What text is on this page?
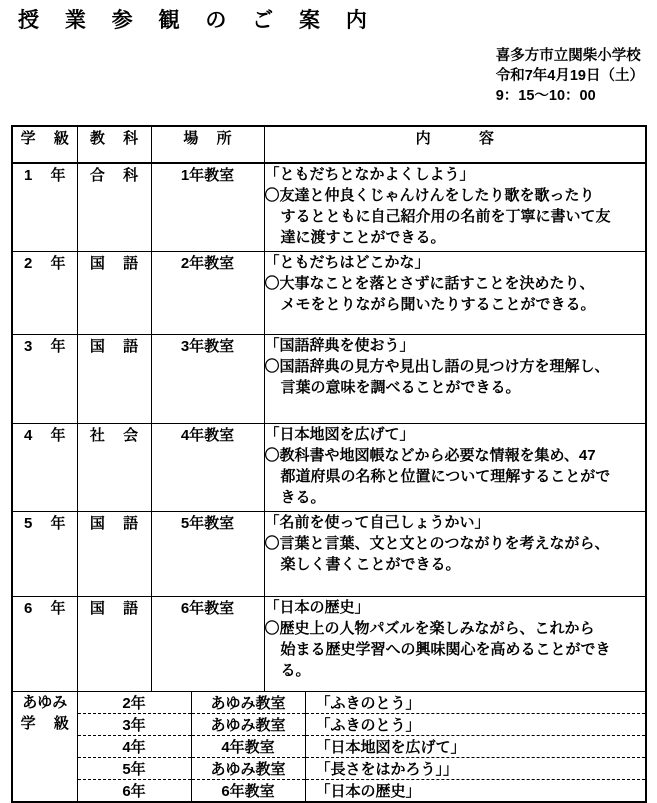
授 業 参 観 の ご 案 内
喜多方市立関柴小学校
令和7年4月19日（土）
9：15～10：00
学 級	教 科	場 所	内 容
1 年	合 科	1年教室	「ともだちとなかよくしよう」
〇友達と仲良くじゃんけんをしたり歌を歌ったり
するとともに自己紹介用の名前を丁寧に書いて友
達に渡すことができる。

2 年	国 語	2年教室	「ともだちはどこかな」
〇大事なことを落とさずに話すことを決めたり、
メモをとりながら聞いたりすることができる。

3 年	国 語	3年教室	「国語辞典を使おう」
〇国語辞典の見方や見出し語の見つけ方を理解し、
言葉の意味を調べることができる。

4 年	社 会	4年教室	「日本地図を広げて」
〇教科書や地図帳などから必要な情報を集め、47
都道府県の名称と位置について理解することがで
きる。

5 年	国 語	5年教室	「名前を使って自己しょうかい」
〇言葉と言葉、文と文とのつながりを考えながら、
楽しく書くことができる。

6 年	国 語	6年教室	「日本の歴史」
〇歴史上の人物パズルを楽しみながら、これから
始まる歴史学習への興味関心を高めることができ
る。

あゆみ
学 級

2年	あゆみ教室	「ふきのとう」
3年	あゆみ教室	「ふきのとう」
4年	4年教室	「日本地図を広げて」
5年	あゆみ教室	「長さをはかろう」」
6年	6年教室	「日本の歴史」
